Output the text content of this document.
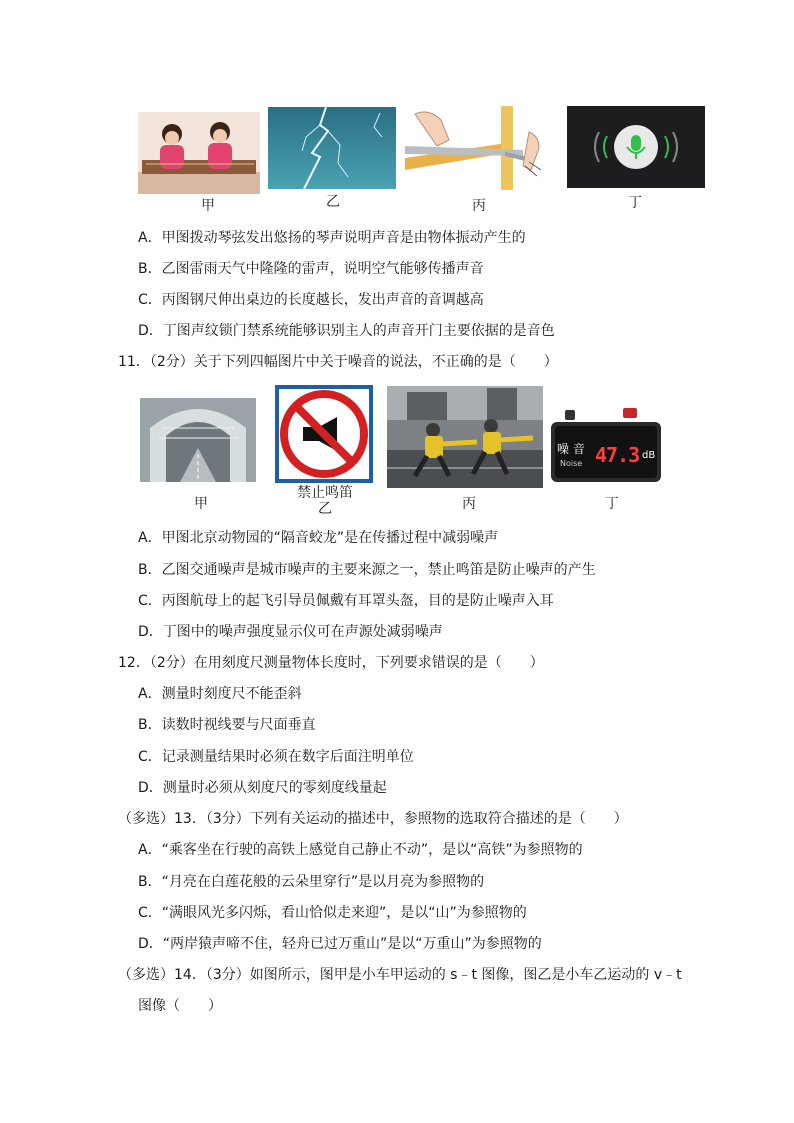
甲	乙	丙	丁
A．甲图拨动琴弦发出悠扬的琴声说明声音是由物体振动产生的
B．乙图雷雨天气中隆隆的雷声，说明空气能够传播声音
C．丙图钢尺伸出桌边的长度越长，发出声音的音调越高
D．丁图声纹锁门禁系统能够识别主人的声音开门主要依据的是音色
11．（2分）关于下列四幅图片中关于噪音的说法，不正确的是（　　）
禁止鸣笛
噪 音
Noise 47.3 dB
甲	乙	丙	丁
A．甲图北京动物园的“隔音蛟龙”是在传播过程中减弱噪声
B．乙图交通噪声是城市噪声的主要来源之一，禁止鸣笛是防止噪声的产生
C．丙图航母上的起飞引导员佩戴有耳罩头盔，目的是防止噪声入耳
D．丁图中的噪声强度显示仪可在声源处减弱噪声
12．（2分）在用刻度尺测量物体长度时，下列要求错误的是（　　）
A．测量时刻度尺不能歪斜
B．读数时视线要与尺面垂直
C．记录测量结果时必须在数字后面注明单位
D．测量时必须从刻度尺的零刻度线量起
（多选）13．（3分）下列有关运动的描述中，参照物的选取符合描述的是（　　）
A．“乘客坐在行驶的高铁上感觉自己静止不动”，是以“高铁”为参照物的
B．“月亮在白莲花般的云朵里穿行”是以月亮为参照物的
C．“满眼风光多闪烁，看山恰似走来迎”，是以“山”为参照物的
D．“两岸猿声啼不住，轻舟已过万重山”是以“万重山”为参照物的
（多选）14．（3分）如图所示，图甲是小车甲运动的 s﹣t 图像，图乙是小车乙运动的 v﹣t
图像（　　）
